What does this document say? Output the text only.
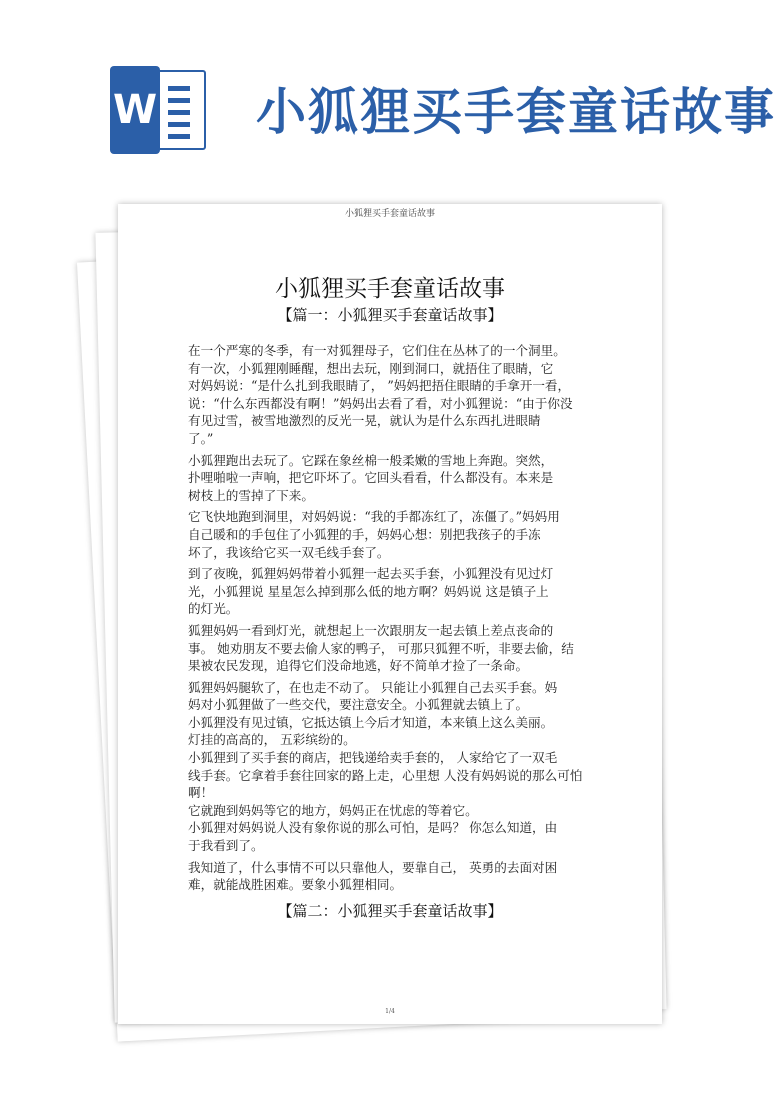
W 小狐狸买手套童话故事
小狐狸买手套童话故事
小狐狸买手套童话故事
【篇一：小狐狸买手套童话故事】

在一个严寒的冬季，有一对狐狸母子，它们住在丛林了的一个洞里。
有一次，小狐狸刚睡醒，想出去玩，刚到洞口，就捂住了眼睛，它
对妈妈说：“是什么扎到我眼睛了， ”妈妈把捂住眼睛的手拿开一看，
说：“什么东西都没有啊！”妈妈出去看了看，对小狐狸说：“由于你没
有见过雪，被雪地激烈的反光一晃，就认为是什么东西扎进眼睛
了。”

小狐狸跑出去玩了。它踩在象丝棉一般柔嫩的雪地上奔跑。突然，
扑哩啪啦一声响，把它吓坏了。它回头看看，什么都没有。本来是
树枝上的雪掉了下来。

它飞快地跑到洞里，对妈妈说：“我的手都冻红了，冻僵了。”妈妈用
自己暖和的手包住了小狐狸的手，妈妈心想：别把我孩子的手冻
坏了，我该给它买一双毛线手套了。

到了夜晚，狐狸妈妈带着小狐狸一起去买手套，小狐狸没有见过灯
光，小狐狸说 星星怎么掉到那么低的地方啊？妈妈说 这是镇子上
的灯光。

狐狸妈妈一看到灯光，就想起上一次跟朋友一起去镇上差点丧命的
事。 她劝朋友不要去偷人家的鸭子， 可那只狐狸不听，非要去偷，结
果被农民发现，追得它们没命地逃，好不简单才捡了一条命。

狐狸妈妈腿软了，在也走不动了。 只能让小狐狸自己去买手套。妈
妈对小狐狸做了一些交代，要注意安全。小狐狸就去镇上了。
小狐狸没有见过镇，它抵达镇上今后才知道，本来镇上这么美丽。
灯挂的高高的， 五彩缤纷的。
小狐狸到了买手套的商店，把钱递给卖手套的， 人家给它了一双毛
线手套。它拿着手套往回家的路上走，心里想 人没有妈妈说的那么可怕
啊！
它就跑到妈妈等它的地方，妈妈正在忧虑的等着它。
小狐狸对妈妈说人没有象你说的那么可怕，是吗？ 你怎么知道，由
于我看到了。

我知道了，什么事情不可以只靠他人，要靠自己， 英勇的去面对困
难，就能战胜困难。要象小狐狸相同。

【篇二：小狐狸买手套童话故事】
1/4
